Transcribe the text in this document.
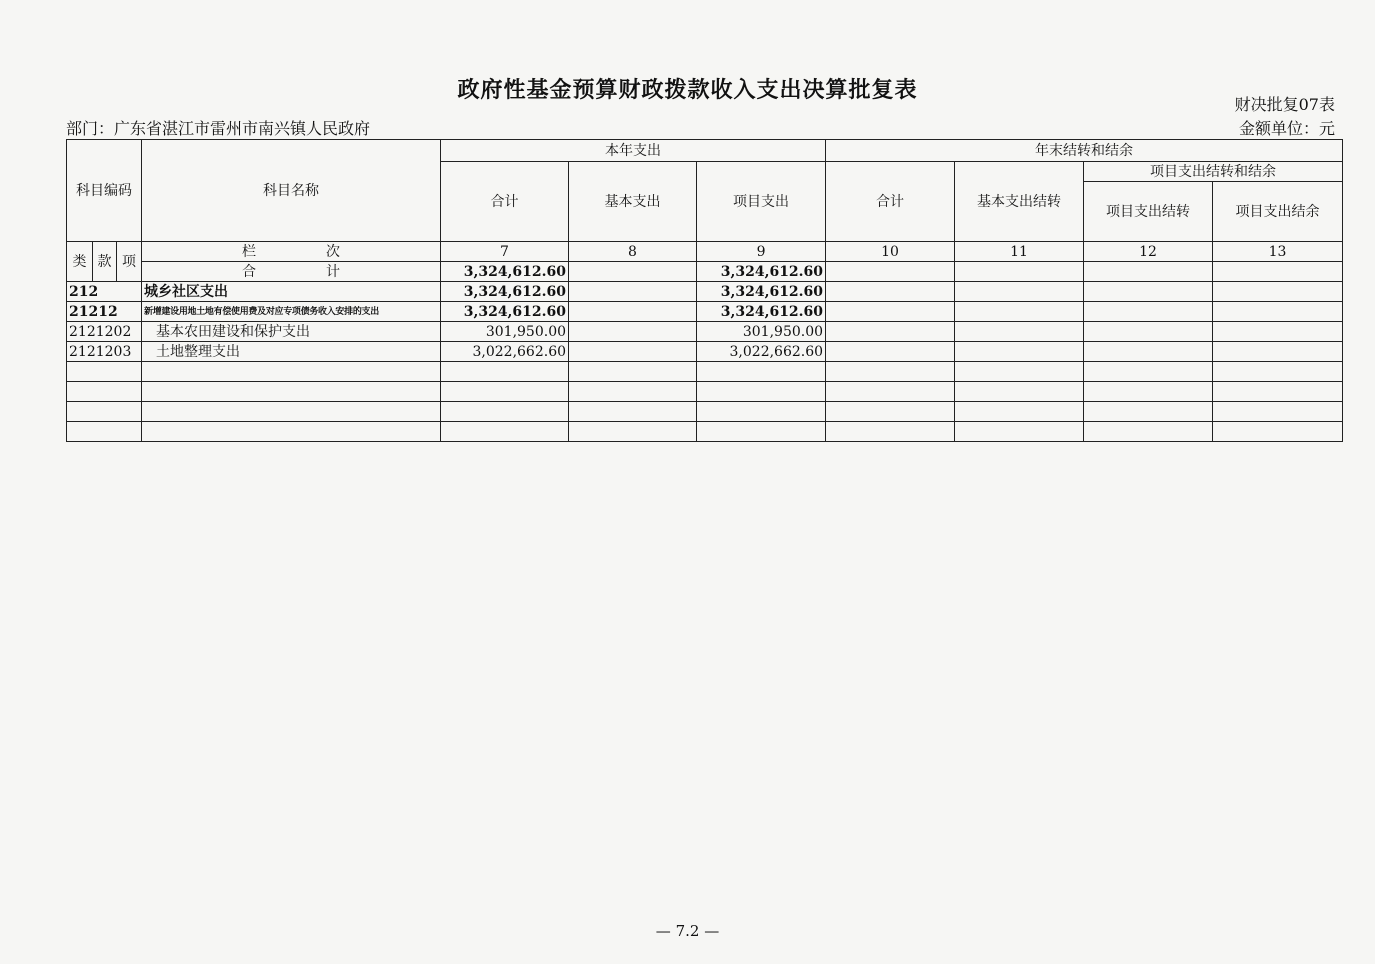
政府性基金预算财政拨款收入支出决算批复表
财决批复07表
部门：广东省湛江市雷州市南兴镇人民政府	金额单位：元
科目编码			科目名称	本年支出			年末结转和结余			
				合计	基本支出	项目支出	合计	基本支出结转	项目支出结转和结余	
									项目支出结转	项目支出结余
类	款	项	栏 次	7	8	9	10	11	12	13
			合 计	3,324,612.60		3,324,612.60				
212			城乡社区支出	3,324,612.60		3,324,612.60				
21212			新增建设用地土地有偿使用费及对应专项债务收入安排的支出	3,324,612.60		3,324,612.60				
2121202			基本农田建设和保护支出	301,950.00		301,950.00				
2121203			土地整理支出	3,022,662.60		3,022,662.60				

— 7.2 —
